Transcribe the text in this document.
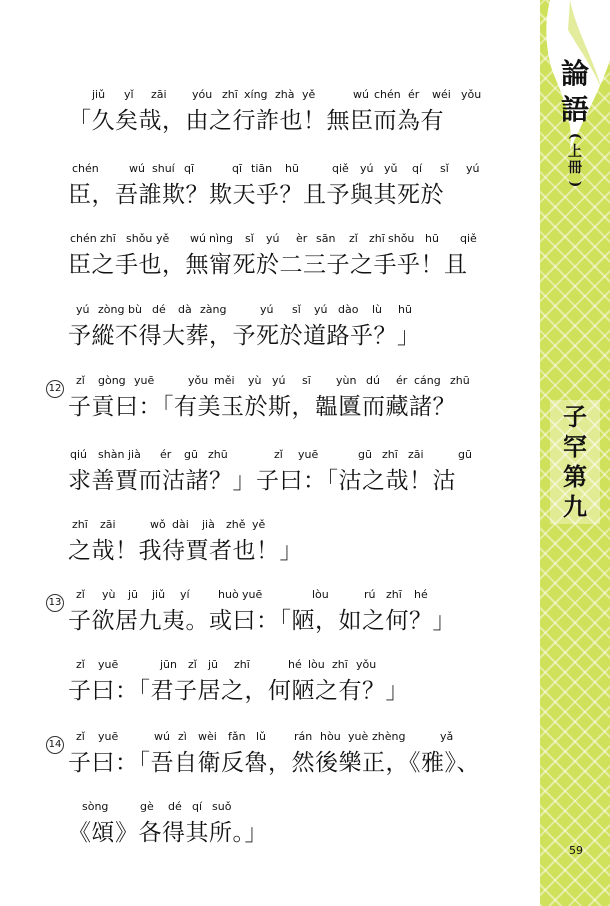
jiǔ yǐ zāi yóu zhī xíng zhà yě	wú chén ér wéi yǒu
「久矣哉，由之行詐也！無臣而為有
chén	wú shuí qī	qī tiān hū	qiě yú yǔ qí sǐ yú
臣，吾誰欺？欺天乎？且予與其死於
chén zhī shǒu yě wú nìng sǐ yú èr sān zǐ zhī shǒu hū qiě
臣之手也，無甯死於二三子之手乎！且
yú zòng bù dé dà zàng	yú sǐ yú dào lù hū
予縱不得大葬，予死於道路乎？」
12
zǐ gòng yuē	yǒu měi yù yú sī yùn dú ér cáng zhū
子貢曰：「有美玉於斯，韞匵而藏諸？
qiú shàn jià ér gū zhū	zǐ yuē	gū zhī zāi	gū
求善賈而沽諸？」子曰：「沽之哉！沽
zhī zāi	wǒ dài jià zhě yě
之哉！我待賈者也！」
13
zǐ yù jū jiǔ yí	huò yuē	lòu	rú zhī hé
子欲居九夷。或曰：「陋，如之何？」
zǐ yuē	jūn zǐ jū zhī	hé lòu zhī yǒu
子曰：「君子居之，何陋之有？」
14
zǐ yuē	wú zì wèi fǎn lǔ	rán hòu yuè zhèng	yǎ
子曰：「吾自衛反魯，然後樂正，《雅》、
sòng	gè dé qí suǒ
《頌》各得其所。」
論
語
(
上
冊
)
子
罕
第
九
59
